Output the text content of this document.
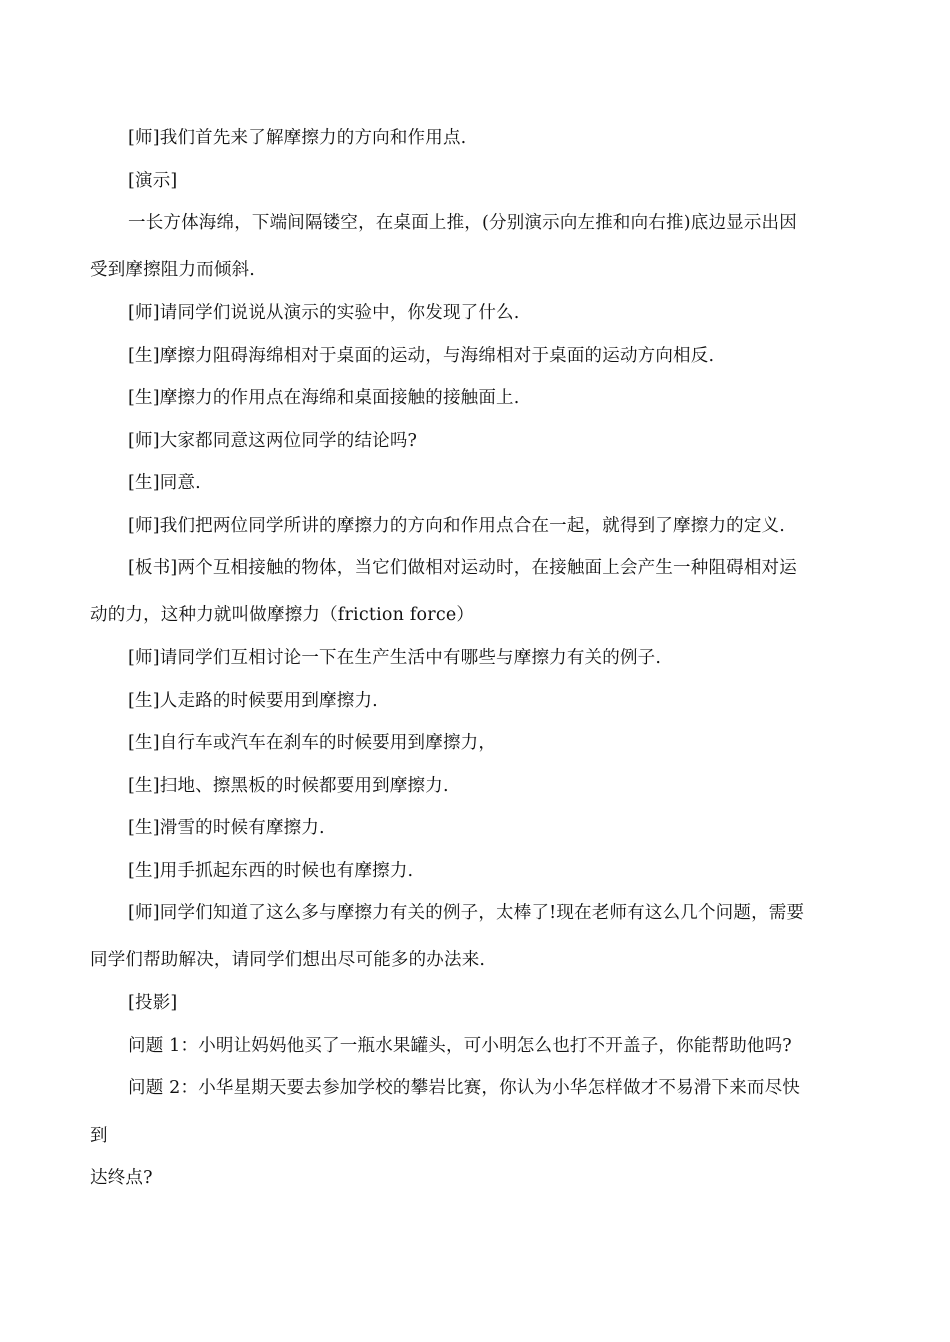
[师]我们首先来了解摩擦力的方向和作用点.
[演示]
一长方体海绵，下端间隔镂空，在桌面上推，(分别演示向左推和向右推)底边显示出因
受到摩擦阻力而倾斜.
[师]请同学们说说从演示的实验中，你发现了什么.
[生]摩擦力阻碍海绵相对于桌面的运动，与海绵相对于桌面的运动方向相反.
[生]摩擦力的作用点在海绵和桌面接触的接触面上.
[师]大家都同意这两位同学的结论吗?
[生]同意.
[师]我们把两位同学所讲的摩擦力的方向和作用点合在一起，就得到了摩擦力的定义.
[板书]两个互相接触的物体，当它们做相对运动时，在接触面上会产生一种阻碍相对运
动的力，这种力就叫做摩擦力（friction force）
[师]请同学们互相讨论一下在生产生活中有哪些与摩擦力有关的例子.
[生]人走路的时候要用到摩擦力.
[生]自行车或汽车在刹车的时候要用到摩擦力，
[生]扫地、擦黑板的时候都要用到摩擦力.
[生]滑雪的时候有摩擦力.
[生]用手抓起东西的时候也有摩擦力.
[师]同学们知道了这么多与摩擦力有关的例子，太棒了!现在老师有这么几个问题，需要
同学们帮助解决，请同学们想出尽可能多的办法来.
[投影]
问题 1：小明让妈妈他买了一瓶水果罐头，可小明怎么也打不开盖子，你能帮助他吗?
问题 2：小华星期天要去参加学校的攀岩比赛，你认为小华怎样做才不易滑下来而尽快
到
达终点?
